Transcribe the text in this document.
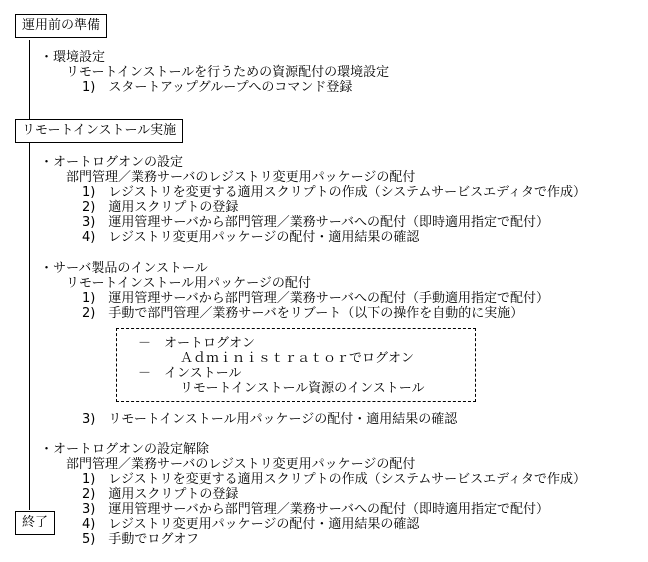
運用前の準備
リモートインストール実施
終了
・環境設定
リモートインストールを行うための資源配付の環境設定
1)　スタートアップグループへのコマンド登録
・オートログオンの設定
部門管理／業務サーバのレジストリ変更用パッケージの配付
1)　レジストリを変更する適用スクリプトの作成（システムサービスエディタで作成）
2)　適用スクリプトの登録
3)　運用管理サーバから部門管理／業務サーバへの配付（即時適用指定で配付）
4)　レジストリ変更用パッケージの配付・適用結果の確認
・サーバ製品のインストール
リモートインストール用パッケージの配付
1)　運用管理サーバから部門管理／業務サーバへの配付（手動適用指定で配付）
2)　手動で部門管理／業務サーバをリブート（以下の操作を自動的に実施）
－　オートログオン
Ａｄｍｉｎｉｓｔｒａｔｏｒでログオン
－　インストール
リモートインストール資源のインストール
3)　リモートインストール用パッケージの配付・適用結果の確認
・オートログオンの設定解除
部門管理／業務サーバのレジストリ変更用パッケージの配付
1)　レジストリを変更する適用スクリプトの作成（システムサービスエディタで作成）
2)　適用スクリプトの登録
3)　運用管理サーバから部門管理／業務サーバへの配付（即時適用指定で配付）
4)　レジストリ変更用パッケージの配付・適用結果の確認
5)　手動でログオフ
